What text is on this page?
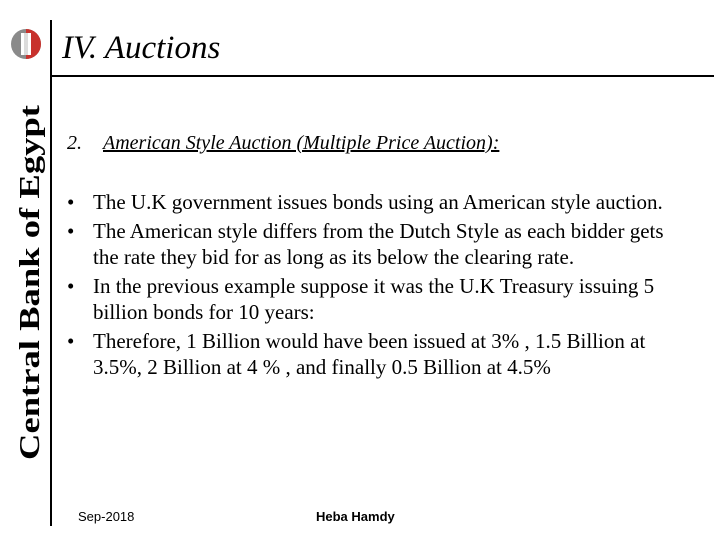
Central Bank of Egypt
IV. Auctions
2. American Style Auction (Multiple Price Auction):
• The U.K government issues bonds using an American style auction.
• The American style differs from the Dutch Style as each bidder gets the rate they bid for as long as its below the clearing rate.
• In the previous example suppose it was the U.K Treasury issuing 5 billion bonds for 10 years:
• Therefore, 1 Billion would have been issued at 3% , 1.5 Billion at 3.5%, 2 Billion at 4 % , and finally 0.5 Billion at 4.5%
Sep-2018	Heba Hamdy
